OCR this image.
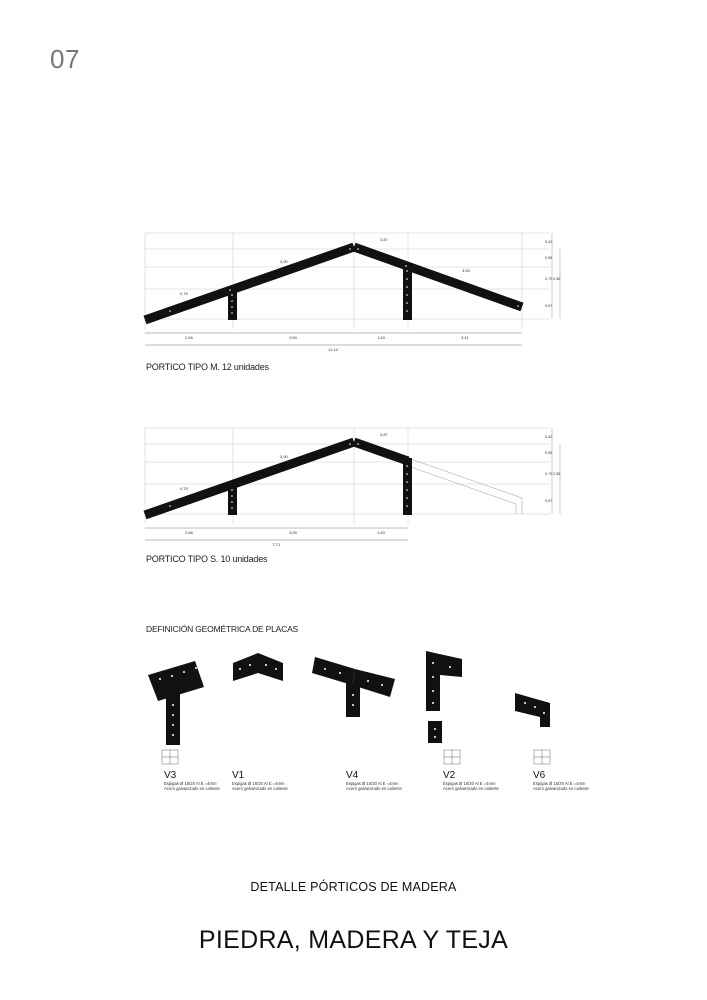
07
0,75
3,90
3,87
3,83
0,42
0,55
0,79 2,36
0,97
2,66	3,59	1,63	3,41
11,14
PORTICO TIPO M. 12 unidades
0,75
3,90
3,87	0,42
0,55
0,79 2,36
0,97
2,66	3,59	1,63
7,73
PORTICO TIPO S. 10 unidades
DEFINICIÓN GEOMÉTRICA DE PLACAS
V3
Espigas Ø 16/20 Al E =4mm
Acero galvanizado en caliente
V1
Espigas Ø 16/20 Al E =4mm
Acero galvanizado en caliente
V4
Espigas Ø 16/20 Al E =4mm
Acero galvanizado en caliente
V2
Espigas Ø 16/20 Al E =4mm
Acero galvanizado en caliente
V6
Espigas Ø 16/20 Al E =4mm
Acero galvanizado en caliente
DETALLE PÓRTICOS DE MADERA
PIEDRA, MADERA Y TEJA
